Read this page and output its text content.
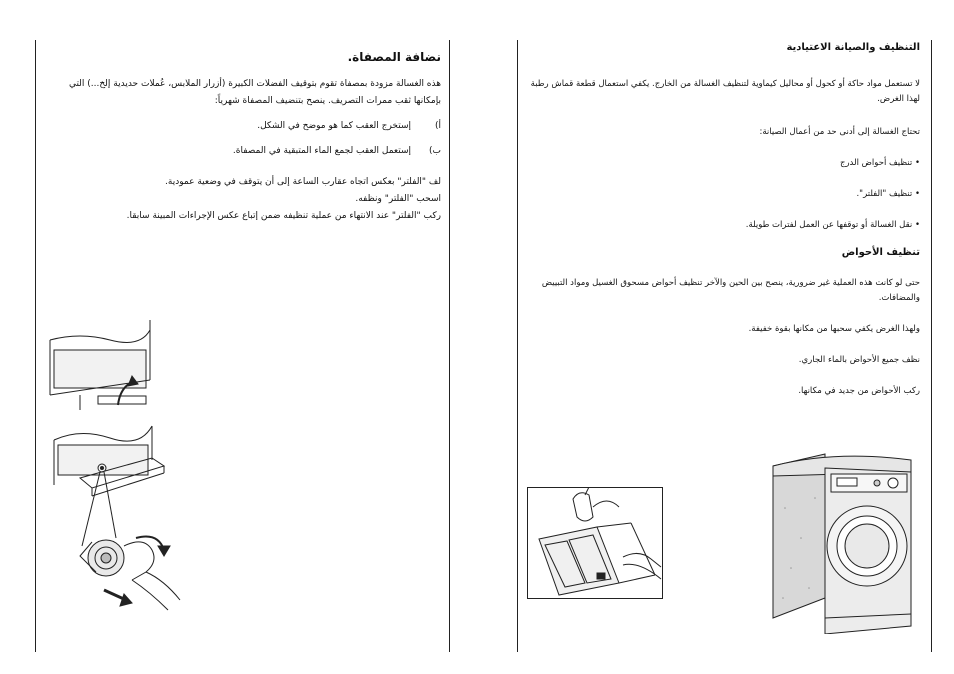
نضافة المصفاة.

هذه الغسالة مزودة بمصفاة تقوم بتوقيف الفضلات الكبيرة (أزرار الملابس، عُملات حديدية إلخ...) التي بإمكانها ثقب ممرات التصريف. ينصح بتنضيف المصفاة شهرياً:

أ)
إستخرج العقب كما هو موضح في الشكل.
ب)
إستعمل العقب لجمع الماء المتبقية في المصفاة.

لف "الفلتر" بعكس اتجاه عقارب الساعة إلى أن يتوقف في وضعية عمودية.

اسحب "الفلتر" ونظفه.

ركب "الفلتر" عند الانتهاء من عملية تنظيفه ضمن إتباع عكس الإجراءات المبينة سابقا.

التنظيف والصيانة الاعتيادية

لا تستعمل مواد حاكة أو كحول أو محاليل كيماوية لتنظيف الغسالة من الخارج. يكفي استعمال قطعة قماش رطبة لهذا الغرض.

تحتاج الغسالة إلى أدنى حد من أعمال الصيانة:

• تنظيف أحواض الدرج

• تنظيف "الفلتر".

• نقل الغسالة أو توقفها عن العمل لفترات طويلة.

تنظيف الأحواض

حتى لو كانت هذه العملية غير ضرورية، ينصح بين الحين والآخر تنظيف أحواض مسحوق الغسيل ومواد التبييض والمضافات.

ولهذا الغرض يكفي سحبها من مكانها بقوة خفيفة.

نظف جميع الأحواض بالماء الجاري.

ركب الأحواض من جديد في مكانها.
